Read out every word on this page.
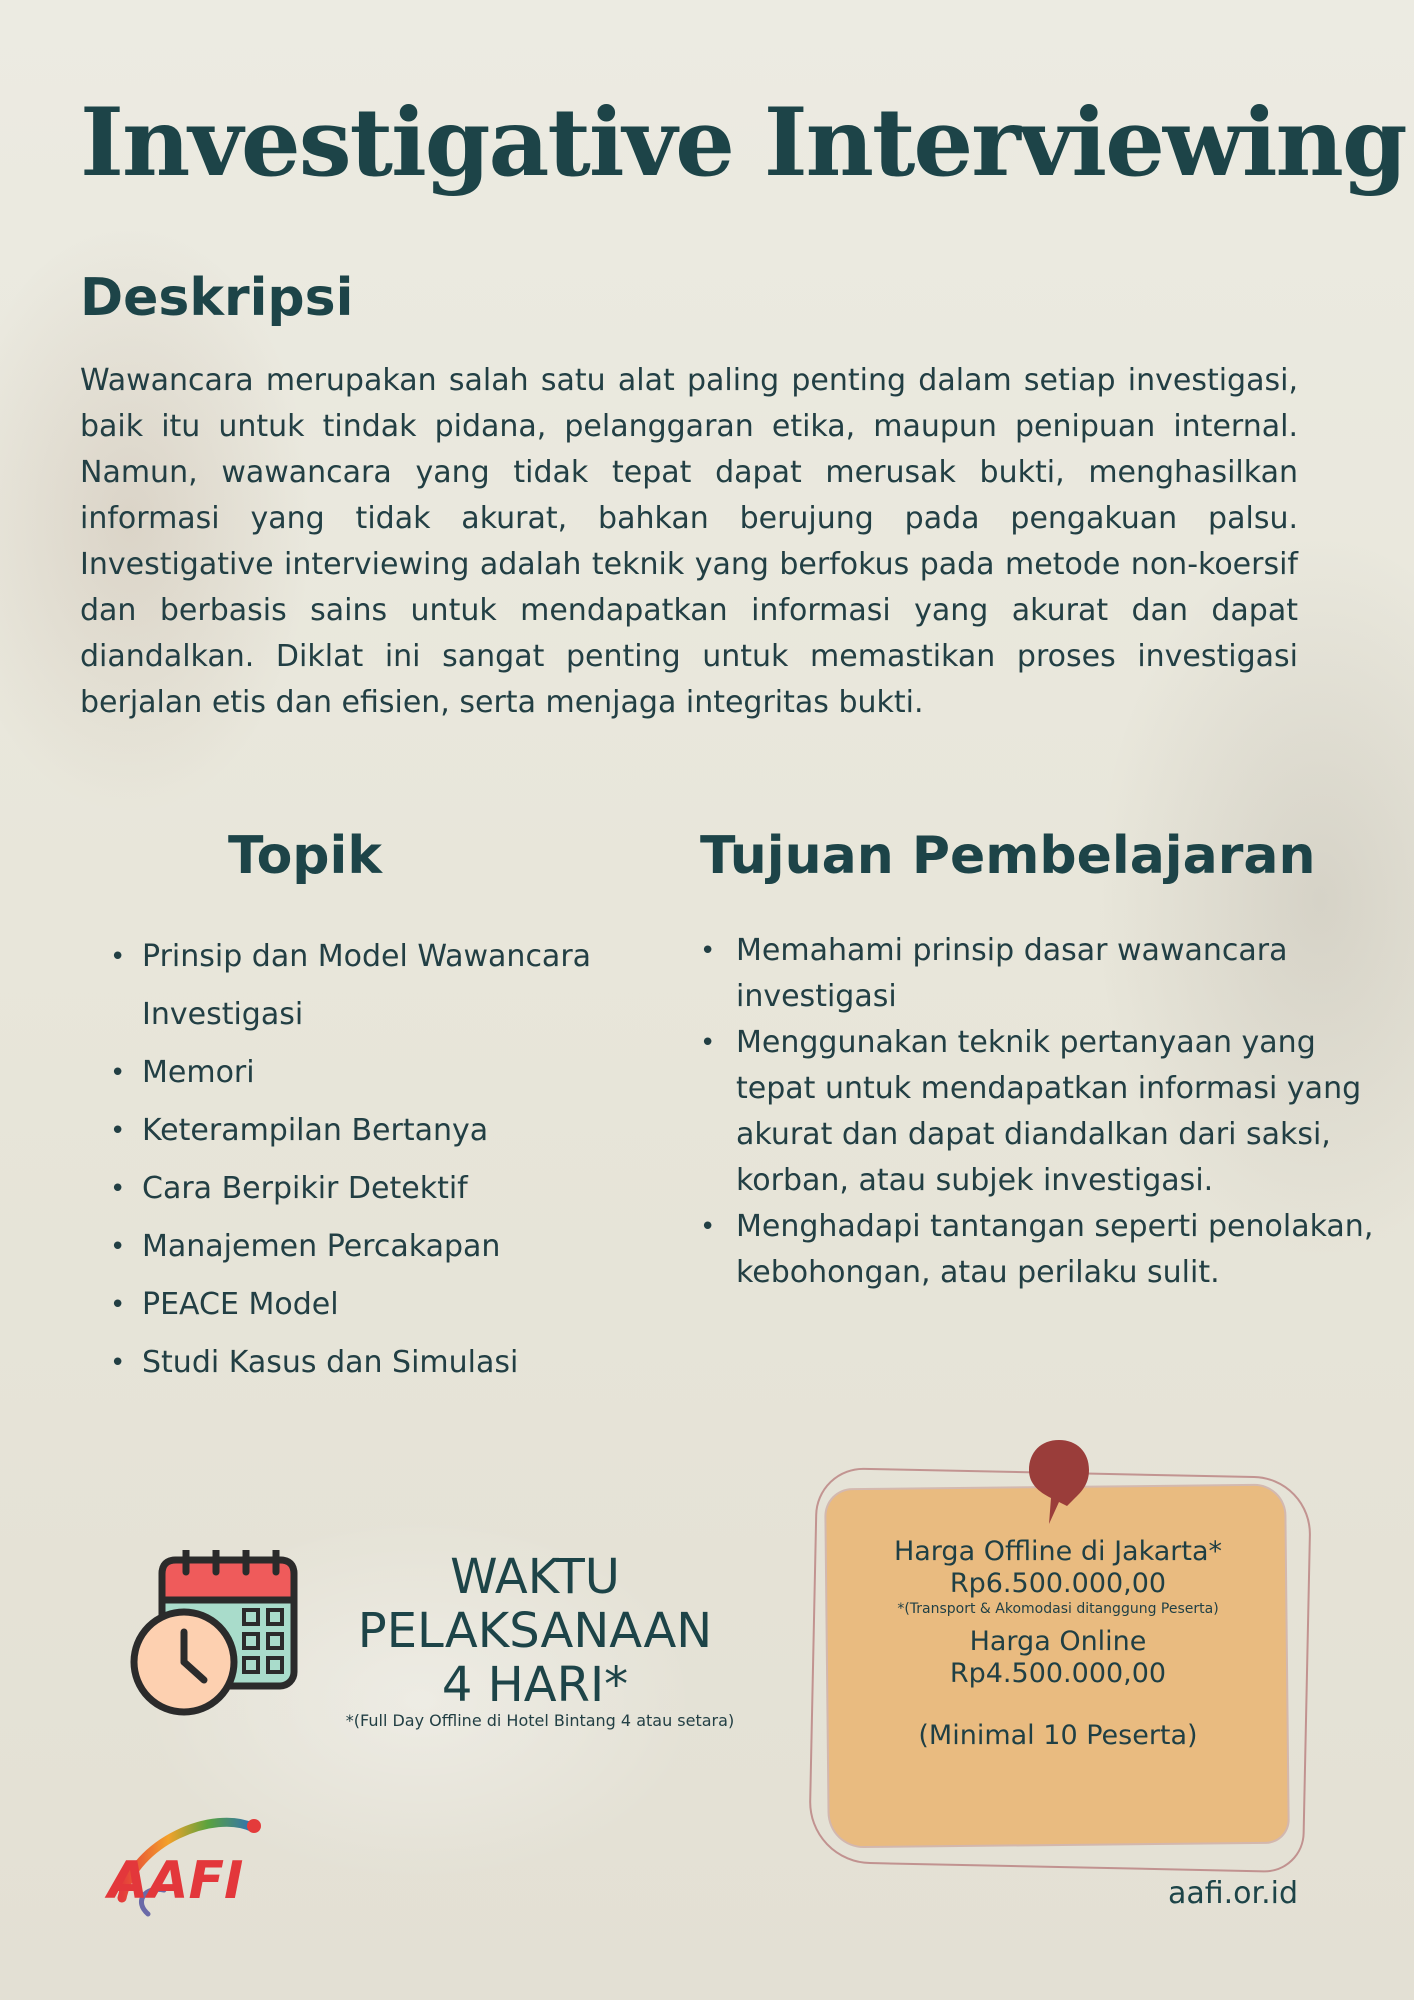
Investigative Interviewing
Deskripsi

Wawancara merupakan salah satu alat paling penting dalam setiap investigasi, baik itu untuk tindak pidana, pelanggaran etika, maupun penipuan internal. Namun, wawancara yang tidak tepat dapat merusak bukti, menghasilkan informasi yang tidak akurat, bahkan berujung pada pengakuan palsu. Investigative interviewing adalah teknik yang berfokus pada metode non-koersif dan berbasis sains untuk mendapatkan informasi yang akurat dan dapat diandalkan. Diklat ini sangat penting untuk memastikan proses investigasi berjalan etis dan efisien, serta menjaga integritas bukti.

Topik
• Prinsip dan Model Wawancara Investigasi
• Memori
• Keterampilan Bertanya
• Cara Berpikir Detektif
• Manajemen Percakapan
• PEACE Model
• Studi Kasus dan Simulasi
Tujuan Pembelajaran
• Memahami prinsip dasar wawancara investigasi
• Menggunakan teknik pertanyaan yang tepat untuk mendapatkan informasi yang akurat dan dapat diandalkan dari saksi, korban, atau subjek investigasi.
• Menghadapi tantangan seperti penolakan, kebohongan, atau perilaku sulit.
WAKTU
PELAKSANAAN
4 HARI*
*(Full Day Offline di Hotel Bintang 4 atau setara)
Harga Offline di Jakarta*
Rp6.500.000,00
*(Transport & Akomodasi ditanggung Peserta)
Harga Online
Rp4.500.000,00
(Minimal 10 Peserta)
AAFI	aafi.or.id
